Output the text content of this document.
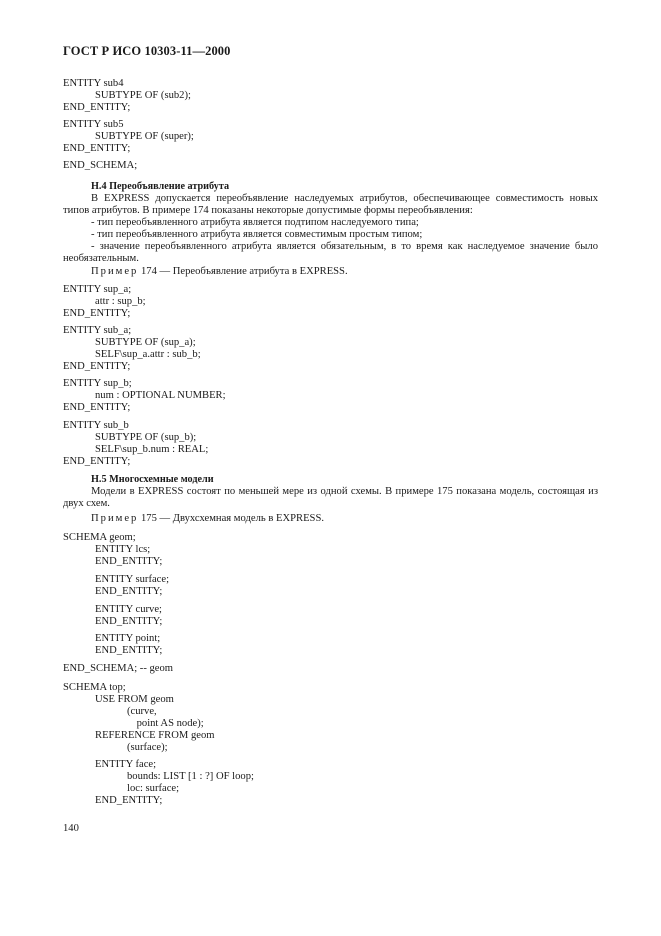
ГОСТ Р ИСО 10303-11—2000
ENTITY sub4
SUBTYPE OF (sub2);
END_ENTITY;
ENTITY sub5
SUBTYPE OF (super);
END_ENTITY;
END_SCHEMA;
H.4 Переобъявление атрибута
В EXPRESS допускается переобъявление наследуемых атрибутов, обеспечивающее совместимость новых типов атрибутов. В примере 174 показаны некоторые допустимые формы переобъявления:
- тип переобъявленного атрибута является подтипом наследуемого типа;
- тип переобъявленного атрибута является совместимым простым типом;
- значение переобъявленного атрибута является обязательным, в то время как наследуемое значение было необязательным.
Пример 174 — Переобъявление атрибута в EXPRESS.
ENTITY sup_a;
attr : sup_b;
END_ENTITY;
ENTITY sub_a;
SUBTYPE OF (sup_a);
SELF\sup_a.attr : sub_b;
END_ENTITY;
ENTITY sup_b;
num : OPTIONAL NUMBER;
END_ENTITY;
ENTITY sub_b
SUBTYPE OF (sup_b);
SELF\sup_b.num : REAL;
END_ENTITY;
H.5 Многосхемные модели
Модели в EXPRESS состоят по меньшей мере из одной схемы. В примере 175 показана модель, состоящая из двух схем.
Пример 175 — Двухсхемная модель в EXPRESS.
SCHEMA geom;
ENTITY lcs;
END_ENTITY;
ENTITY surface;
END_ENTITY;
ENTITY curve;
END_ENTITY;
ENTITY point;
END_ENTITY;
END_SCHEMA; -- geom
SCHEMA top;
USE FROM geom
(curve,
point AS node);
REFERENCE FROM geom
(surface);
ENTITY face;
bounds: LIST [1 : ?] OF loop;
loc: surface;
END_ENTITY;
140
